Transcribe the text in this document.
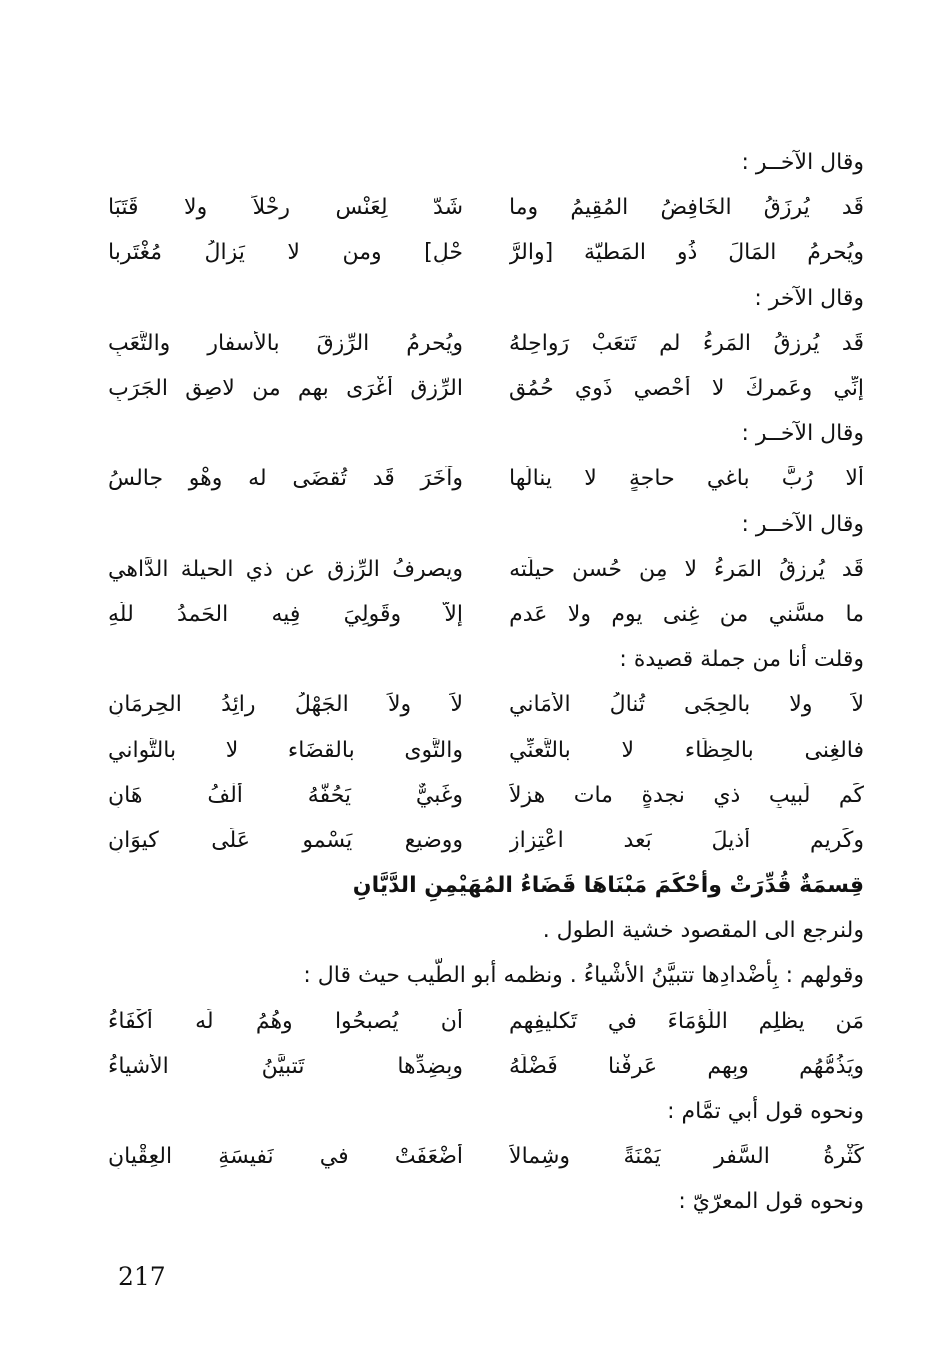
وقال الآخــر :
قَد
يُرزَقُ
الخَافِضُ
المُقِيمُ
وما
شَدّ
لِعَنْسٍ
رحْلاً
ولا
قَتَبَا
ويُحرمُ
المَالَ
ذُو
المَطيّة
[والرَّ
حْلِ]
ومن
لا
يَزالُ
مُغْتَربا
وقال الآخر :
قَد
يُرزقُ
المَرءُ
لم
تَتعَبْ
رَواحِلهُ
ويُحرمُ
الرِّزقَ
بالأسفار
والتَّعَبِ
إنِّي
وعَمركَ
لا
أُحْصي
ذَوي
حُمُقٍ
الرِّزق
أغْرَى
بهم
من
لاصِقِ
الجَرَبِ
وقال الآخــر :
ألا
رُبَّ
باغي
حاجةٍ
لا
ينالُها
وآخَرَ
قَد
تُقضَى
له
وهْو
جالسُ
وقال الآخــر :
قَد
يُرزقُ
المَرءُ
لا
مِن
حُسن
حيلَته
ويصرفُ
الرِّزق
عن
ذي
الحيلة
الدَّاهي
ما
مسَّني
من
غِنى
يومٍ
ولا
عَدمٍ
إلاَّ
وقَولِيَ
فِيه
الحَمدُ
للّهِ
وقلت أنا من جملة قصيدة :
لاَ
ولا
بالحِجَى
تُنالُ
الأمَاني
لاَ
ولاَ
الجَهْلُ
رائِدُ
الحِرمَانِ
فالغِنى
بالحِظَاء
لا
بالتَّعنِّي
والتَّوى
بالقضَاء
لا
بالتَّواني
كَم
لَبيبٍ
ذي
نجدةٍ
مات
هزلاً
وغَبيٌّ
يَحُفُّهُ
ألْفُ
هَانِ
وكَريمٍ
أذيلَ
بَعد
اعْتِزازٍ
ووضيعٍ
يَسْمو
عَلَى
كيوَانِ
قِسمَةٌ قُدِّرَتْ وأحْكَمَ مَبْنَاهَا قَضَاءُ المُهَيْمِنِ الدَّيَّانِ
ولنرجع الى المقصود خشية الطول .
وقولهم : بِأضْدادِها تتبيَّنُ الأشْياءُ . ونظمه أبو الطّيب حيث قال :
مَن
يظلِم
اللُّؤمَاءَ
في
تَكليفِهِم
أن
يُصبحُوا
وهُمُ
لَه
أكْفَاءُ
ويَذُمُّهُم
وبِهِم
عَرفْنا
فَضْلَهُ
وبِضِدِّها
تَتبيَّنُ
الأشياءُ
ونحوه قول أبي تمَّام :
كَثْرةُ
السَّفرِ
يَمْنَةً
وشِمالاً
أضْعَفَتْ
في
نَفيسَةِ
العِقْيانِ
ونحوه قول المعرّيّ :
217
